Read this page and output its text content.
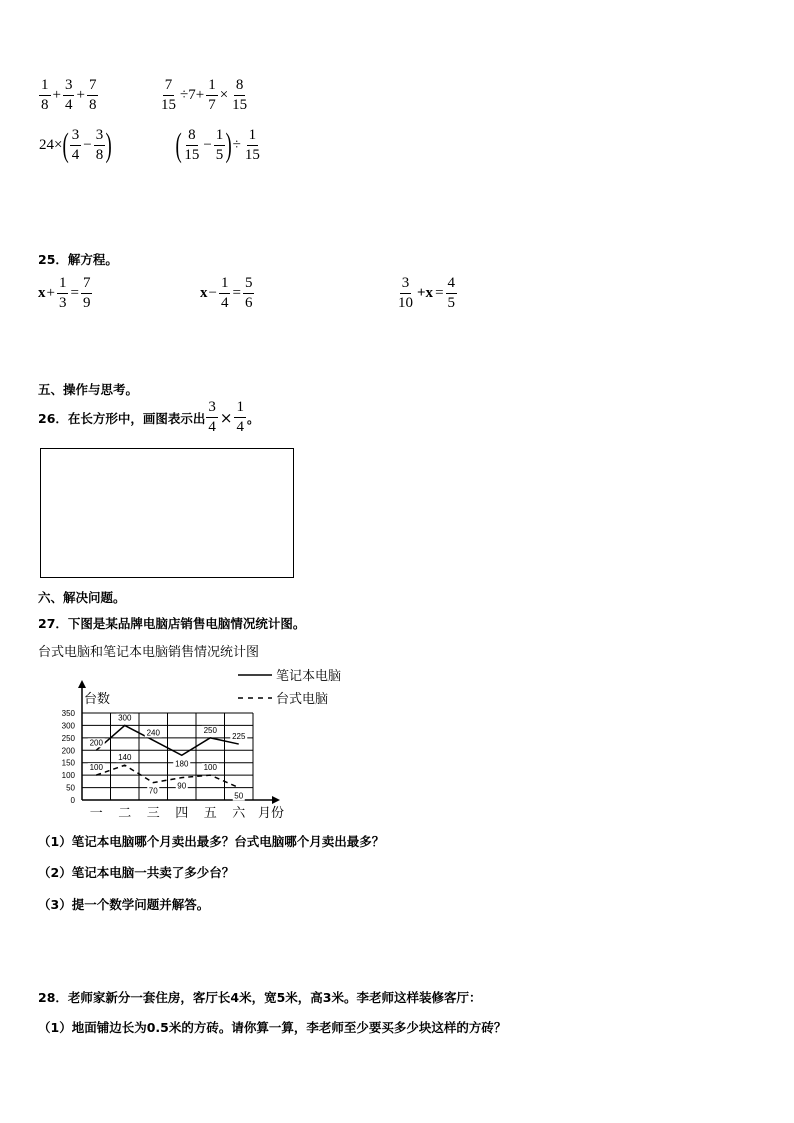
$\frac{1}{8} + \frac{3}{4} + \frac{7}{8}$	$\frac{7}{15} \div 7+ \frac{1}{7} \times \frac{8}{15}$
24× ( $\frac{3}{4} - \frac{3}{8}$ ) ( $\frac{8}{15} - \frac{1}{5}$ ) ÷ $\frac{1}{15}$
25．解方程。
$x + \frac{1}{3} = \frac{7}{9}$	$x - \frac{1}{4} = \frac{5}{6}$	$\frac{3}{10} +x = \frac{4}{5}$
五、操作与思考。
26．在长方形中，画图表示出 $\frac{3}{4} \times \frac{1}{4}$ 。
六、解决问题。
27．下图是某品牌电脑店销售电脑情况统计图。
台式电脑和笔记本电脑销售情况统计图
0
50
100
150
200
250
300
350
台数
一 二 三 四 五 六 月份
200
300
240
180
250
225
100
140
70
90
100
50
笔记本电脑
台式电脑
（1）笔记本电脑哪个月卖出最多？台式电脑哪个月卖出最多？
（2）笔记本电脑一共卖了多少台？
（3）提一个数学问题并解答。
28．老师家新分一套住房，客厅长4米，宽5米，高3米。李老师这样装修客厅：
（1）地面铺边长为0.5米的方砖。请你算一算，李老师至少要买多少块这样的方砖？
